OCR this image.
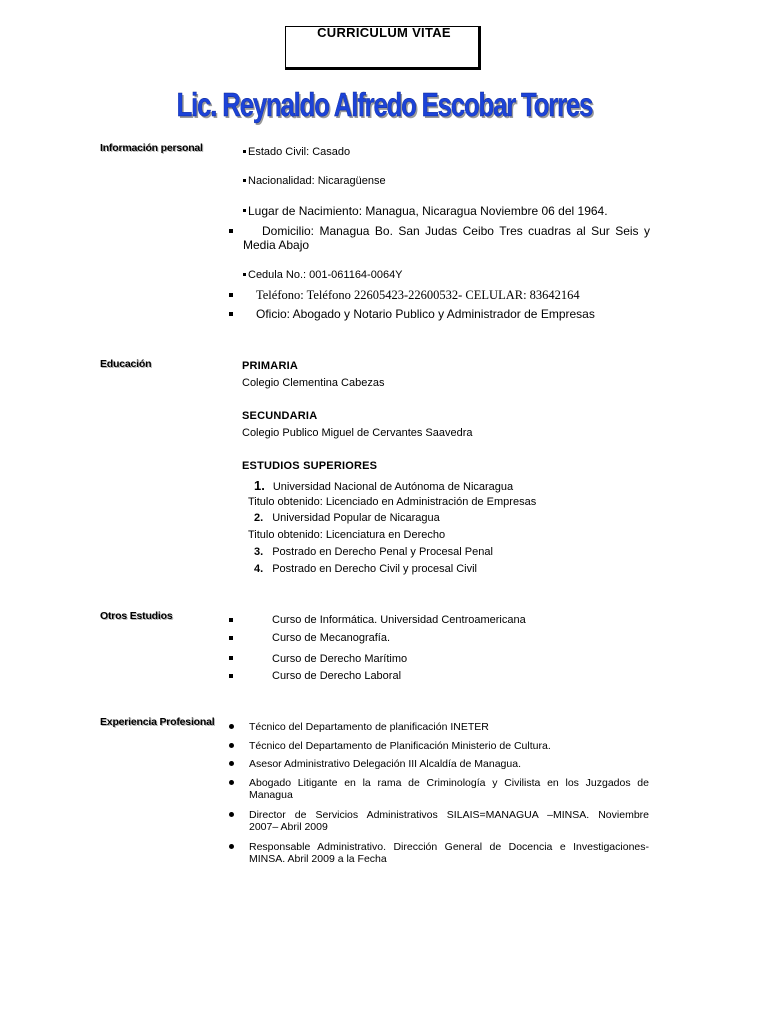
CURRICULUM VITAE
Lic. Reynaldo Alfredo Escobar Torres
Información personal	Estado Civil: Casado
Nacionalidad: Nicaragüense
Lugar de Nacimiento: Managua, Nicaragua Noviembre 06 del 1964.
Domicilio: Managua Bo. San Judas Ceibo Tres cuadras al Sur Seis y
Media Abajo
Cedula No.: 001-061164-0064Y
Teléfono: Teléfono 22605423-22600532- CELULAR: 83642164
Oficio: Abogado y Notario Publico y Administrador de Empresas
Educación	PRIMARIA
Colegio Clementina Cabezas
SECUNDARIA
Colegio Publico Miguel de Cervantes Saavedra
ESTUDIOS SUPERIORES
1. Universidad Nacional de Autónoma de Nicaragua
Titulo obtenido: Licenciado en Administración de Empresas
2. Universidad Popular de Nicaragua
Titulo obtenido: Licenciatura en Derecho
3. Postrado en Derecho Penal y Procesal Penal
4. Postrado en Derecho Civil y procesal Civil
Otros Estudios	Curso de Informática. Universidad Centroamericana
Curso de Mecanografía.
Curso de Derecho Marítimo
Curso de Derecho Laboral
Experiencia Profesional	Técnico del Departamento de planificación INETER
Técnico del Departamento de Planificación Ministerio de Cultura.
Asesor Administrativo Delegación III Alcaldía de Managua.
Abogado Litigante en la rama de Criminología y Civilista en los Juzgados de
Managua
Director de Servicios Administrativos SILAIS=MANAGUA –MINSA. Noviembre
2007– Abril 2009
Responsable Administrativo. Dirección General de Docencia e Investigaciones-
MINSA. Abril 2009 a la Fecha
